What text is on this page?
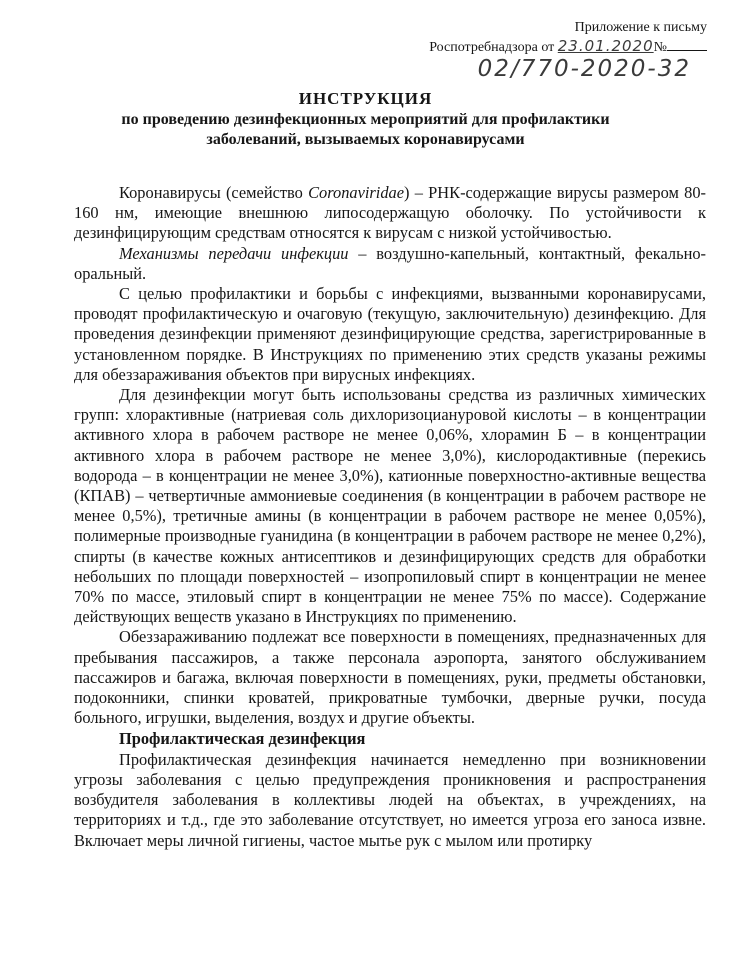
Приложение к письму
Роспотребнадзора от 23.01.2020№
02/770-2020-32

ИНСТРУКЦИЯ

по проведению дезинфекционных мероприятий для профилактики

заболеваний, вызываемых коронавирусами

Коронавирусы (семейство Coronaviridae) – РНК-содержащие вирусы размером 80-160 нм, имеющие внешнюю липосодержащую оболочку. По устойчивости к дезинфицирующим средствам относятся к вирусам с низкой устойчивостью.

Механизмы передачи инфекции – воздушно-капельный, контактный, фекально-оральный.

С целью профилактики и борьбы с инфекциями, вызванными коронавирусами, проводят профилактическую и очаговую (текущую, заключительную) дезинфекцию. Для проведения дезинфекции применяют дезинфицирующие средства, зарегистрированные в установленном порядке. В Инструкциях по применению этих средств указаны режимы для обеззараживания объектов при вирусных инфекциях.

Для дезинфекции могут быть использованы средства из различных химических групп: хлорактивные (натриевая соль дихлоризоциануровой кислоты – в концентрации активного хлора в рабочем растворе не менее 0,06%, хлорамин Б – в концентрации активного хлора в рабочем растворе не менее 3,0%), кислородактивные (перекись водорода – в концентрации не менее 3,0%), катионные поверхностно-активные вещества (КПАВ) – четвертичные аммониевые соединения (в концентрации в рабочем растворе не менее 0,5%), третичные амины (в концентрации в рабочем растворе не менее 0,05%), полимерные производные гуанидина (в концентрации в рабочем растворе не менее 0,2%), спирты (в качестве кожных антисептиков и дезинфицирующих средств для обработки небольших по площади поверхностей – изопропиловый спирт в концентрации не менее 70% по массе, этиловый спирт в концентрации не менее 75% по массе). Содержание действующих веществ указано в Инструкциях по применению.

Обеззараживанию подлежат все поверхности в помещениях, предназначенных для пребывания пассажиров, а также персонала аэропорта, занятого обслуживанием пассажиров и багажа, включая поверхности в помещениях, руки, предметы обстановки, подоконники, спинки кроватей, прикроватные тумбочки, дверные ручки, посуда больного, игрушки, выделения, воздух и другие объекты.

Профилактическая дезинфекция

Профилактическая дезинфекция начинается немедленно при возникновении угрозы заболевания с целью предупреждения проникновения и распространения возбудителя заболевания в коллективы людей на объектах, в учреждениях, на территориях и т.д., где это заболевание отсутствует, но имеется угроза его заноса извне. Включает меры личной гигиены, частое мытье рук с мылом или протирку
